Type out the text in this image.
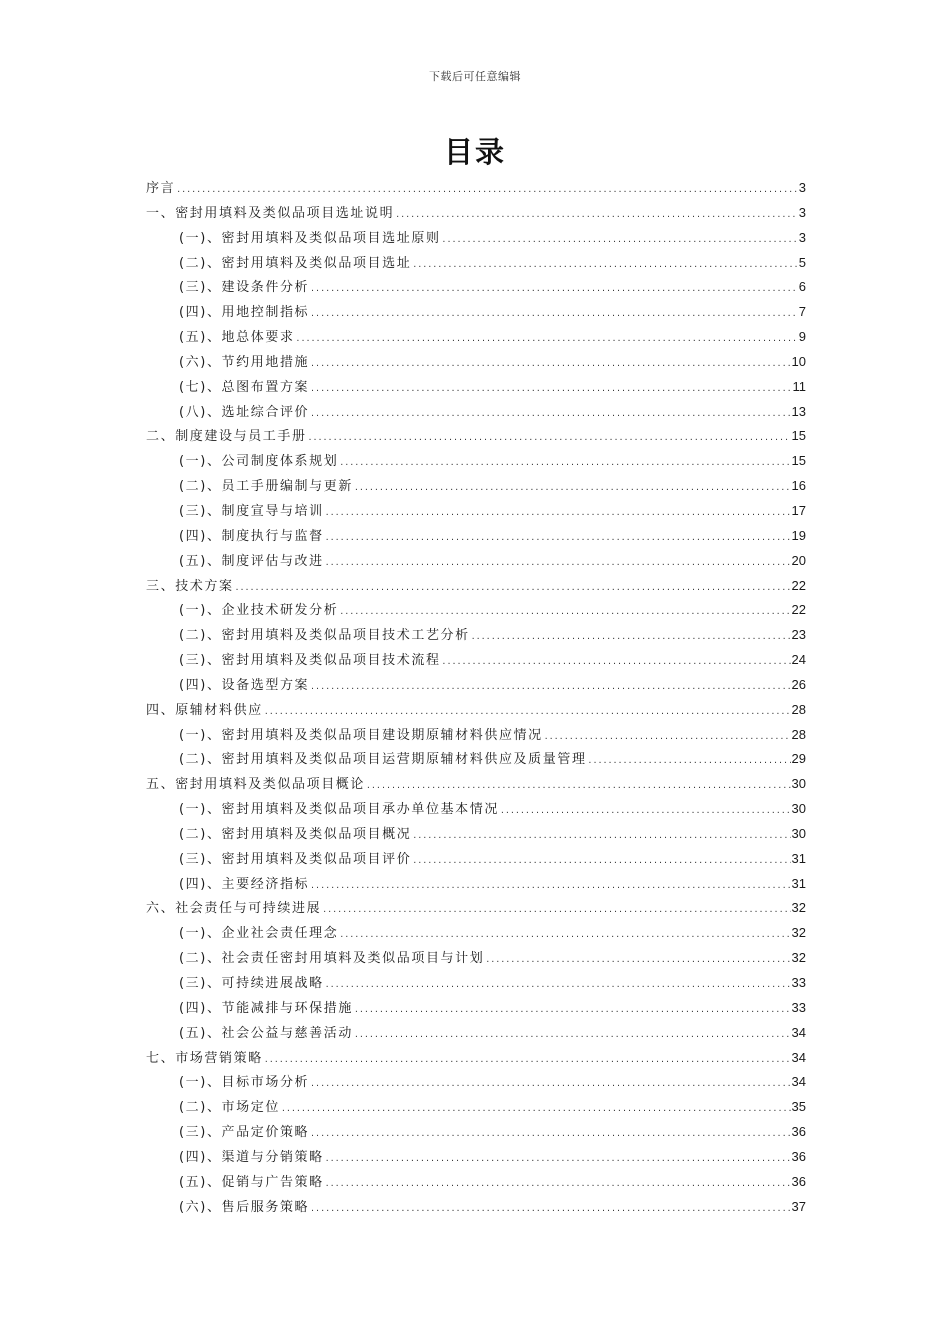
下载后可任意编辑
目录
序言 .....	3
一、密封用填料及类似品项目选址说明 .....	3
(一)、密封用填料及类似品项目选址原则 .....	3
(二)、密封用填料及类似品项目选址 .....	5
(三)、建设条件分析 .....	6
(四)、用地控制指标 .....	7
(五)、地总体要求 .....	9
(六)、节约用地措施 .....	10
(七)、总图布置方案 .....	11
(八)、选址综合评价 .....	13
二、制度建设与员工手册 .....	15
(一)、公司制度体系规划 .....	15
(二)、员工手册编制与更新 .....	16
(三)、制度宣导与培训 .....	17
(四)、制度执行与监督 .....	19
(五)、制度评估与改进 .....	20
三、技术方案 .....	22
(一)、企业技术研发分析 .....	22
(二)、密封用填料及类似品项目技术工艺分析 .....	23
(三)、密封用填料及类似品项目技术流程 .....	24
(四)、设备选型方案 .....	26
四、原辅材料供应 .....	28
(一)、密封用填料及类似品项目建设期原辅材料供应情况 .....	28
(二)、密封用填料及类似品项目运营期原辅材料供应及质量管理 .....	29
五、密封用填料及类似品项目概论 .....	30
(一)、密封用填料及类似品项目承办单位基本情况 .....	30
(二)、密封用填料及类似品项目概况 .....	30
(三)、密封用填料及类似品项目评价 .....	31
(四)、主要经济指标 .....	31
六、社会责任与可持续进展 .....	32
(一)、企业社会责任理念 .....	32
(二)、社会责任密封用填料及类似品项目与计划 .....	32
(三)、可持续进展战略 .....	33
(四)、节能减排与环保措施 .....	33
(五)、社会公益与慈善活动 .....	34
七、市场营销策略 .....	34
(一)、目标市场分析 .....	34
(二)、市场定位 .....	35
(三)、产品定价策略 .....	36
(四)、渠道与分销策略 .....	36
(五)、促销与广告策略 .....	36
(六)、售后服务策略 .....	37
